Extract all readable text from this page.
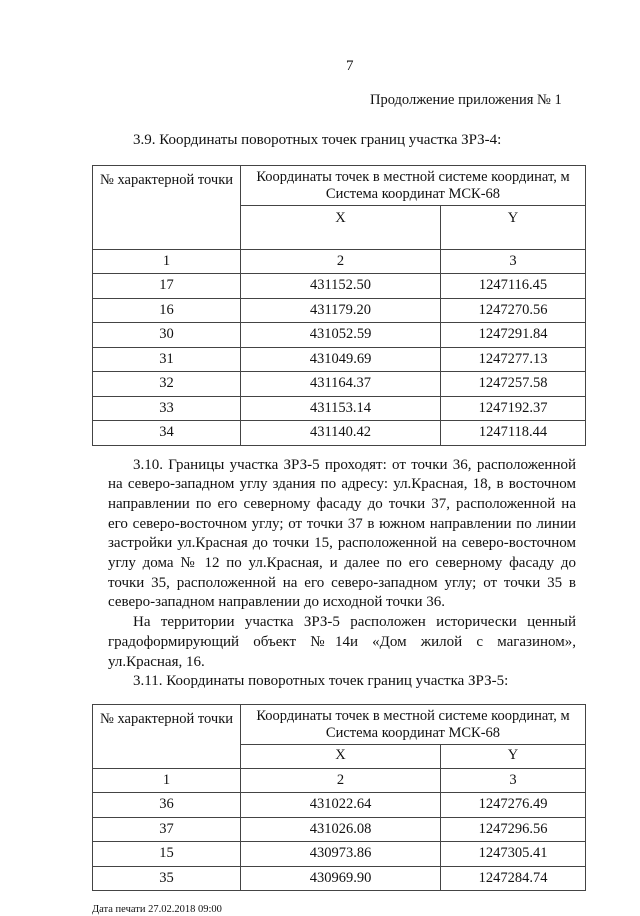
7
Продолжение приложения № 1
3.9. Координаты поворотных точек границ участка ЗРЗ-4:
№ характерной точки	Координаты точек в местной системе координат, м
Система координат МСК-68	

	X	Y
1	2	3
17	431152.50	1247116.45
16	431179.20	1247270.56
30	431052.59	1247291.84
31	431049.69	1247277.13
32	431164.37	1247257.58
33	431153.14	1247192.37
34	431140.42	1247118.44

3.10. Границы участка ЗРЗ-5 проходят: от точки 36, расположенной на северо-западном углу здания по адресу: ул.Красная, 18, в восточном направлении по его северному фасаду до точки 37, расположенной на его северо-восточном углу; от точки 37 в южном направлении по линии застройки ул.Красная до точки 15, расположенной на северо-восточном углу дома № 12 по ул.Красная, и далее по его северному фасаду до точки 35, расположенной на его северо-западном углу; от точки 35 в северо-западном направлении до исходной точки 36.

На территории участка ЗРЗ-5 расположен исторически ценный градоформирующий объект №14и «Дом жилой с магазином», ул.Красная, 16.

3.11. Координаты поворотных точек границ участка ЗРЗ-5:
№ характерной точки	Координаты точек в местной системе координат, м
Система координат МСК-68	

	X	Y
1	2	3
36	431022.64	1247276.49
37	431026.08	1247296.56
15	430973.86	1247305.41
35	430969.90	1247284.74
Дата печати 27.02.2018 09:00
